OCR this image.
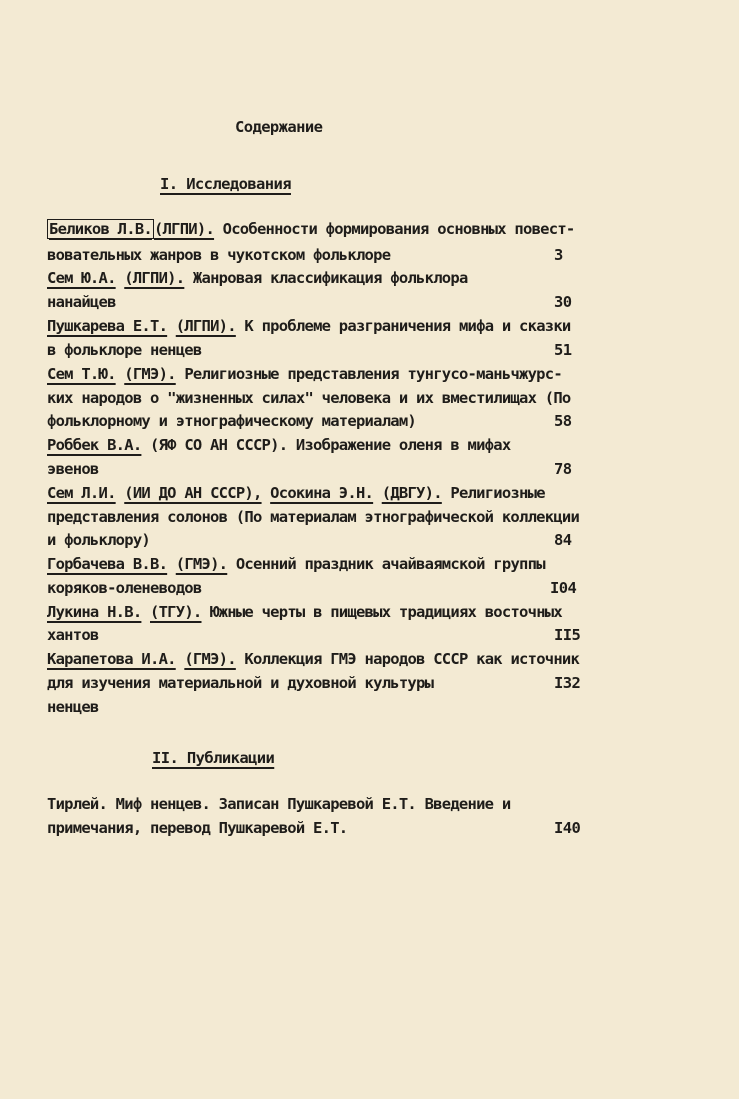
Содержание
I. Исследования
Беликов Л.В. (ЛГПИ). Особенности формирования основных повест-
вовательных жанров в чукотском фольклоре	3
Сем Ю.А. (ЛГПИ). Жанровая классификация фольклора
нанайцев	30
Пушкарева Е.Т. (ЛГПИ). К проблеме разграничения мифа и сказки
в фольклоре ненцев	51
Сем Т.Ю. (ГМЭ). Религиозные представления тунгусо-маньчжурс-
ких народов о "жизненных силах" человека и их вместилищах (По
фольклорному и этнографическому материалам)	58
Роббек В.А. (ЯФ СО АН СССР). Изображение оленя в мифах
эвенов	78
Сем Л.И. (ИИ ДО АН СССР), Осокина Э.Н. (ДВГУ). Религиозные
представления солонов (По материалам этнографической коллекции
и фольклору)	84
Горбачева В.В. (ГМЭ). Осенний праздник ачайваямской группы
коряков-оленеводов	I04
Лукина Н.В. (ТГУ). Южные черты в пищевых традициях восточных
хантов	II5
Карапетова И.А. (ГМЭ). Коллекция ГМЭ народов СССР как источник
для изучения материальной и духовной культуры	I32
ненцев
II. Публикации
Тирлей. Миф ненцев. Записан Пушкаревой Е.Т. Введение и
примечания, перевод Пушкаревой Е.Т.	I40
